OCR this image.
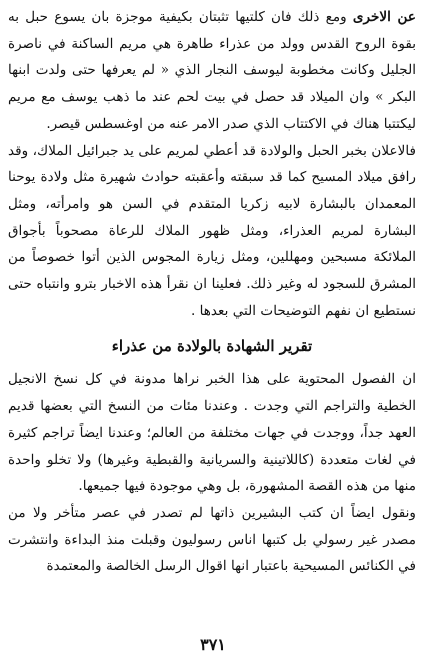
عن الاخرى ومع ذلك فان كلتيها تثبتان بكيفية موجزة بان يسوع حبل به بقوة الروح القدس وولد من عذراء طاهرة هي مريم الساكنة في ناصرة الجليل وكانت مخطوبة ليوسف النجار الذي « لم يعرفها حتى ولدت ابنها البكر » وان الميلاد قد حصل في بيت لحم عند ما ذهب يوسف مع مريم ليكتتبا هناك في الاكتتاب الذي صدر الامر عنه من اوغسطس قيصر.

فالاعلان بخبر الحبل والولادة قد أعطي لمريم على يد جبرائيل الملاك، وقد رافق ميلاد المسيح كما قد سبقته وأعقبته حوادث شهيرة مثل ولادة يوحنا المعمدان بالبشارة لابيه زكريا المتقدم في السن هو وامرأته، ومثل البشارة لمريم العذراء، ومثل ظهور الملاك للرعاة مصحوباً بأجواق الملائكة مسبحين ومهللين، ومثل زيارة المجوس الذين أتوا خصوصاً من المشرق للسجود له وغير ذلك. فعلينا ان نقرأ هذه الاخبار بترو وانتباه حتى نستطيع ان نفهم التوضيحات التي بعدها .

تقرير الشهادة بالولادة من عذراء

ان الفصول المحتوية على هذا الخبر نراها مدونة في كل نسخ الانجيل الخطية والتراجم التي وجدت . وعندنا مئات من النسخ التي بعضها قديم العهد جداً، ووجدت في جهات مختلفة من العالم؛ وعندنا ايضاً تراجم كثيرة في لغات متعددة (كاللاتينية والسريانية والقبطية وغيرها) ولا تخلو واحدة منها من هذه القصة المشهورة، بل وهي موجودة فيها جميعها.

ونقول ايضاً ان كتب البشيرين ذاتها لم تصدر في عصر متأخر ولا من مصدر غير رسولي بل كتبها اناس رسوليون وقبلت منذ البداءة وانتشرت في الكنائس المسيحية باعتبار انها اقوال الرسل الخالصة والمعتمدة

٣٧١
